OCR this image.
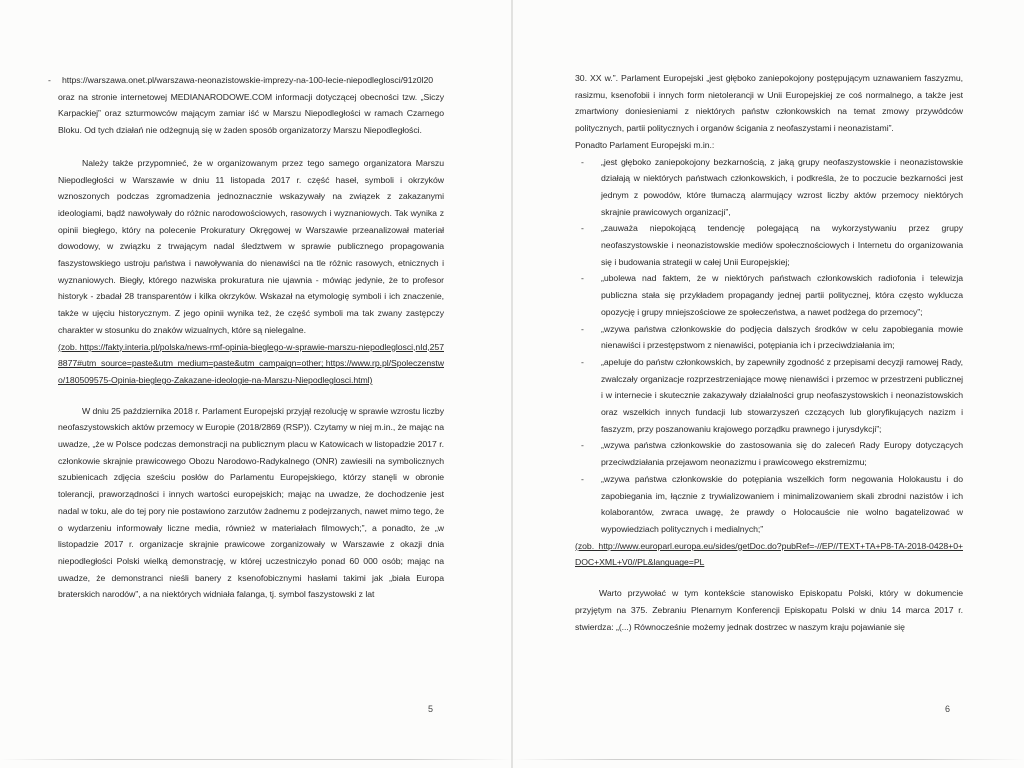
- https://warszawa.onet.pl/warszawa-neonazistowskie-imprezy-na-100-lecie-niepodleglosci/91z0l20

oraz na stronie internetowej MEDIANARODOWE.COM informacji dotyczącej obecności tzw. „Siczy Karpackiej” oraz szturmowców mającym zamiar iść w Marszu Niepodległości w ramach Czarnego Bloku. Od tych działań nie odżegnują się w żaden sposób organizatorzy Marszu Niepodległości.

Należy także przypomnieć, że w organizowanym przez tego samego organizatora Marszu Niepodległości w Warszawie w dniu 11 listopada 2017 r. część haseł, symboli i okrzyków wznoszonych podczas zgromadzenia jednoznacznie wskazywały na związek z zakazanymi ideologiami, bądź nawoływały do różnic narodowościowych, rasowych i wyznaniowych. Tak wynika z opinii biegłego, który na polecenie Prokuratury Okręgowej w Warszawie przeanalizował materiał dowodowy, w związku z trwającym nadal śledztwem w sprawie publicznego propagowania faszystowskiego ustroju państwa i nawoływania do nienawiści na tle różnic rasowych, etnicznych i wyznaniowych. Biegły, którego nazwiska prokuratura nie ujawnia - mówiąc jedynie, że to profesor historyk - zbadał 28 transparentów i kilka okrzyków. Wskazał na etymologię symboli i ich znaczenie, także w ujęciu historycznym. Z jego opinii wynika też, że część symboli ma tak zwany zastępczy charakter w stosunku do znaków wizualnych, które są nielegalne.

(zob. https://fakty.interia.pl/polska/news-rmf-opinia-bieglego-w-sprawie-marszu-niepodleglosci,nId,2578877#utm_source=paste&utm_medium=paste&utm_campaign=other; https://www.rp.pl/Spoleczenstwo/180509575-Opinia-bieglego-Zakazane-ideologie-na-Marszu-Niepodleglosci.html)

W dniu 25 października 2018 r. Parlament Europejski przyjął rezolucję w sprawie wzrostu liczby neofaszystowskich aktów przemocy w Europie (2018/2869 (RSP)). Czytamy w niej m.in., że mając na uwadze, „że w Polsce podczas demonstracji na publicznym placu w Katowicach w listopadzie 2017 r. członkowie skrajnie prawicowego Obozu Narodowo-Radykalnego (ONR) zawiesili na symbolicznych szubienicach zdjęcia sześciu posłów do Parlamentu Europejskiego, którzy stanęli w obronie tolerancji, praworządności i innych wartości europejskich; mając na uwadze, że dochodzenie jest nadal w toku, ale do tej pory nie postawiono zarzutów żadnemu z podejrzanych, nawet mimo tego, że o wydarzeniu informowały liczne media, również w materiałach filmowych;”, a ponadto, że „w listopadzie 2017 r. organizacje skrajnie prawicowe zorganizowały w Warszawie z okazji dnia niepodległości Polski wielką demonstrację, w której uczestniczyło ponad 60 000 osób; mając na uwadze, że demonstranci nieśli banery z ksenofobicznymi hasłami takimi jak „biała Europa braterskich narodów”, a na niektórych widniała falanga, tj. symbol faszystowski z lat

5

30. XX w.”. Parlament Europejski „jest głęboko zaniepokojony postępującym uznawaniem faszyzmu, rasizmu, ksenofobii i innych form nietolerancji w Unii Europejskiej ze coś normalnego, a także jest zmartwiony doniesieniami z niektórych państw członkowskich na temat zmowy przywódców politycznych, partii politycznych i organów ścigania z neofaszystami i neonazistami”.

Ponadto Parlament Europejski m.in.:

- „jest głęboko zaniepokojony bezkarnością, z jaką grupy neofaszystowskie i neonazistowskie działają w niektórych państwach członkowskich, i podkreśla, że to poczucie bezkarności jest jednym z powodów, które tłumaczą alarmujący wzrost liczby aktów przemocy niektórych skrajnie prawicowych organizacji”,
- „zauważa niepokojącą tendencję polegającą na wykorzystywaniu przez grupy neofaszystowskie i neonazistowskie mediów społecznościowych i Internetu do organizowania się i budowania strategii w całej Unii Europejskiej;
- „ubolewa nad faktem, że w niektórych państwach członkowskich radiofonia i telewizja publiczna stała się przykładem propagandy jednej partii politycznej, która często wyklucza opozycję i grupy mniejszościowe ze społeczeństwa, a nawet podżega do przemocy”;
- „wzywa państwa członkowskie do podjęcia dalszych środków w celu zapobiegania mowie nienawiści i przestępstwom z nienawiści, potępiania ich i przeciwdziałania im;
- „apeluje do państw członkowskich, by zapewniły zgodność z przepisami decyzji ramowej Rady, zwalczały organizacje rozprzestrzeniające mowę nienawiści i przemoc w przestrzeni publicznej i w internecie i skutecznie zakazywały działalności grup neofaszystowskich i neonazistowskich oraz wszelkich innych fundacji lub stowarzyszeń czczących lub gloryfikujących nazizm i faszyzm, przy poszanowaniu krajowego porządku prawnego i jurysdykcji”;
- „wzywa państwa członkowskie do zastosowania się do zaleceń Rady Europy dotyczących przeciwdziałania przejawom neonazizmu i prawicowego ekstremizmu;
- „wzywa państwa członkowskie do potępiania wszelkich form negowania Holokaustu i do zapobiegania im, łącznie z trywializowaniem i minimalizowaniem skali zbrodni nazistów i ich kolaborantów, zwraca uwagę, że prawdy o Holocauście nie wolno bagatelizować w wypowiedziach politycznych i medialnych;”

(zob. http://www.europarl.europa.eu/sides/getDoc.do?pubRef=-//EP//TEXT+TA+P8-TA-2018-0428+0+DOC+XML+V0//PL&language=PL

Warto przywołać w tym kontekście stanowisko Episkopatu Polski, który w dokumencie przyjętym na 375. Zebraniu Plenarnym Konferencji Episkopatu Polski w dniu 14 marca 2017 r. stwierdza: „(...) Równocześnie możemy jednak dostrzec w naszym kraju pojawianie się

6
